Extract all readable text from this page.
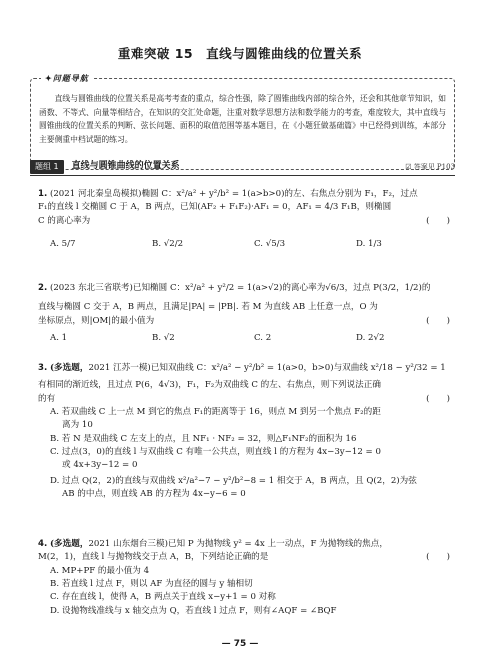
重难突破 15　直线与圆锥曲线的位置关系
✦ 问题导航

直线与圆锥曲线的位置关系是高考考查的重点，综合性强，除了圆锥曲线内部的综合外，还会和其他章节知识，如函数、不等式、向量等相结合，在知识的交汇处命题，注重对数学思想方法和数学能力的考查，难度较大，其中直线与圆锥曲线的位置关系的判断、弦长问题、面积的取值范围等基本题目，在《小题狂做基础篇》中已经得到训练，本部分主要侧重中档试题的练习。

题组 1	直线与圆锥曲线的位置关系	☑ 答案见 P103
1. (2021 河北秦皇岛模拟)椭圆 C：x²/a² + y²/b² = 1(a>b>0)的左、右焦点分别为 F₁，F₂，过点
F₁的直线 l 交椭圆 C 于 A，B 两点，已知(AF₂ + F₁F₂)·AF₁ = 0，AF₁ = 4/3 F₁B，则椭圆
C 的离心率为	(　　)
A. 5/7	B. √2/2	C. √5/3	D. 1/3
2. (2023 东北三省联考)已知椭圆 C：x²/a² + y²/2 = 1(a>√2)的离心率为√6/3，过点 P(3/2，1/2)的
直线与椭圆 C 交于 A，B 两点，且满足|PA| = |PB|. 若 M 为直线 AB 上任意一点，O 为
坐标原点，则|OM|的最小值为	(　　)
A. 1	B. √2	C. 2	D. 2√2
3. (多选题，2021 江苏一模)已知双曲线 C：x²/a² − y²/b² = 1(a>0，b>0)与双曲线 x²/18 − y²/32 = 1
有相同的渐近线，且过点 P(6，4√3)，F₁，F₂为双曲线 C 的左、右焦点，则下列说法正确
的有	(　　)
A. 若双曲线 C 上一点 M 到它的焦点 F₁的距离等于 16，则点 M 到另一个焦点 F₂的距
离为 10
B. 若 N 是双曲线 C 左支上的点，且 NF₁ · NF₂ = 32，则△F₁NF₂的面积为 16
C. 过点(3，0)的直线 l 与双曲线 C 有唯一公共点，则直线 l 的方程为 4x−3y−12 = 0
或 4x+3y−12 = 0
D. 过点 Q(2，2)的直线与双曲线 x²/a²−7 − y²/b²−8 = 1 相交于 A，B 两点，且 Q(2，2)为弦
AB 的中点，则直线 AB 的方程为 4x−y−6 = 0
4. (多选题，2021 山东烟台三模)已知 P 为抛物线 y² = 4x 上一动点，F 为抛物线的焦点，
M(2，1)，直线 l 与抛物线交于点 A，B，下列结论正确的是	(　　)
A. MP+PF 的最小值为 4
B. 若直线 l 过点 F，则以 AF 为直径的圆与 y 轴相切
C. 存在直线 l，使得 A，B 两点关于直线 x−y+1 = 0 对称
D. 设抛物线准线与 x 轴交点为 Q，若直线 l 过点 F，则有∠AQF = ∠BQF
— 75 —
